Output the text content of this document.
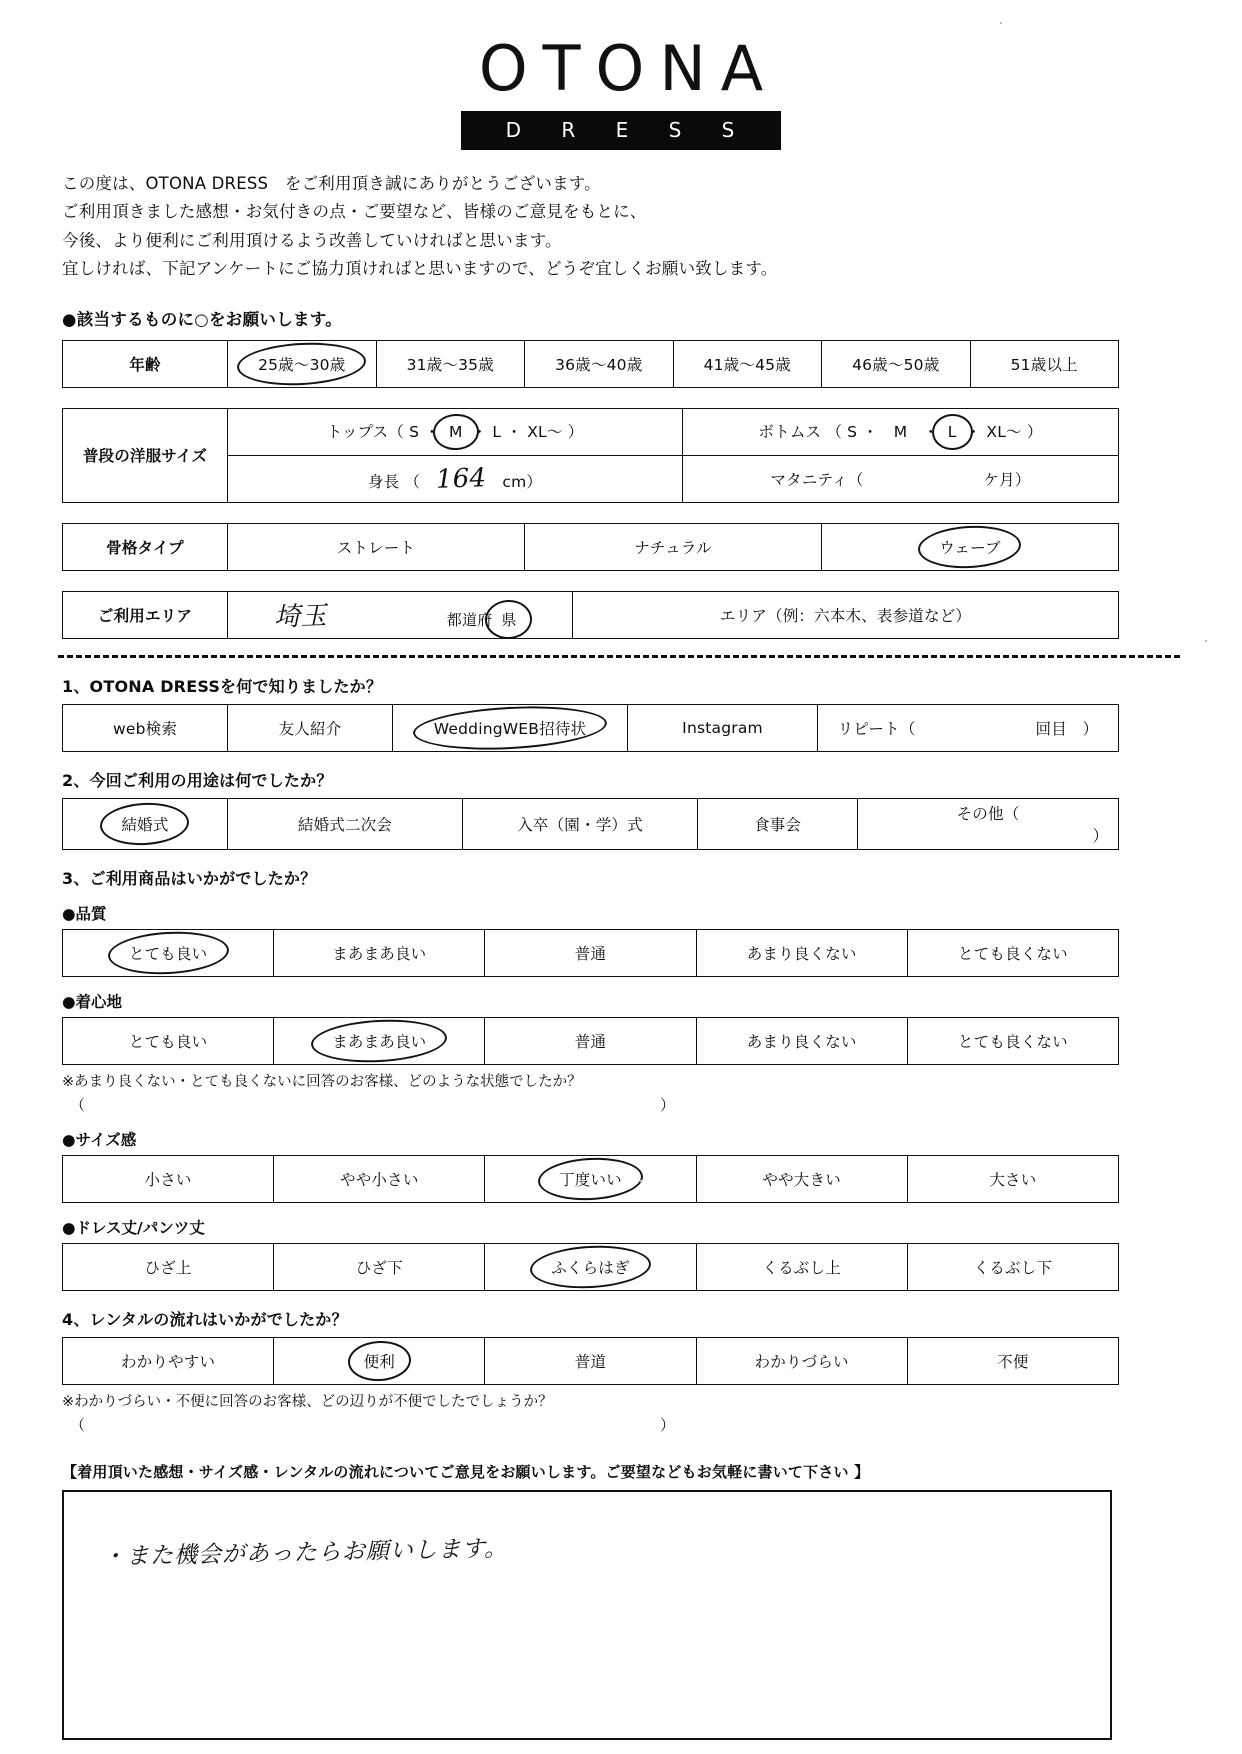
OTONA
D R E S S
この度は、OTONA DRESS　をご利用頂き誠にありがとうございます。
ご利用頂きました感想・お気付きの点・ご要望など、皆様のご意見をもとに、
今後、より便利にご利用頂けるよう改善していければと思います。
宜しければ、下記アンケートにご協力頂ければと思いますので、どうぞ宜しくお願い致します。
●該当するものに○をお願いします。
年齢	25歳〜30歳	31歳〜35歳	36歳〜40歳	41歳〜45歳	46歳〜50歳	51歳以上
普段の洋服サイズ	トップス（ S ・ M ・ L ・ XL〜 ）	ボトムス （ S ・　M　・ L ・ XL〜 ）
	身長 （ 164 cm）	マタニティ（ ケ月）
骨格タイプ	ストレート	ナチュラル	ウェーブ
ご利用エリア	埼玉	都道府 県	エリア（例：六本木、表参道など）
1、OTONA DRESSを何で知りましたか？
web検索	友人紹介	WeddingWEB招待状	Instagram	リピート（	回目　）
2、今回ご利用の用途は何でしたか？
結婚式	結婚式二次会	入卒（園・学）式	食事会	その他（）
3、ご利用商品はいかがでしたか？
●品質
とても良い	まあまあ良い	普通	あまり良くない	とても良くない
●着心地
とても良い	まあまあ良い	普通	あまり良くない	とても良くない
※あまり良くない・とても良くないに回答のお客様、どのような状態でしたか？
（	）
●サイズ感
小さい	やや小さい	丁度いい	やや大きい	大さい
●ドレス丈/パンツ丈
ひざ上	ひざ下	ふくらはぎ	くるぶし上	くるぶし下
4、レンタルの流れはいかがでしたか？
わかりやすい	便利	普道	わかりづらい	不便
※わかりづらい・不便に回答のお客様、どの辺りが不便でしたでしょうか？
（	）
【着用頂いた感想・サイズ感・レンタルの流れについてご意見をお願いします。ご要望などもお気軽に書いて下さい 】
・また機会があったらお願いします。
